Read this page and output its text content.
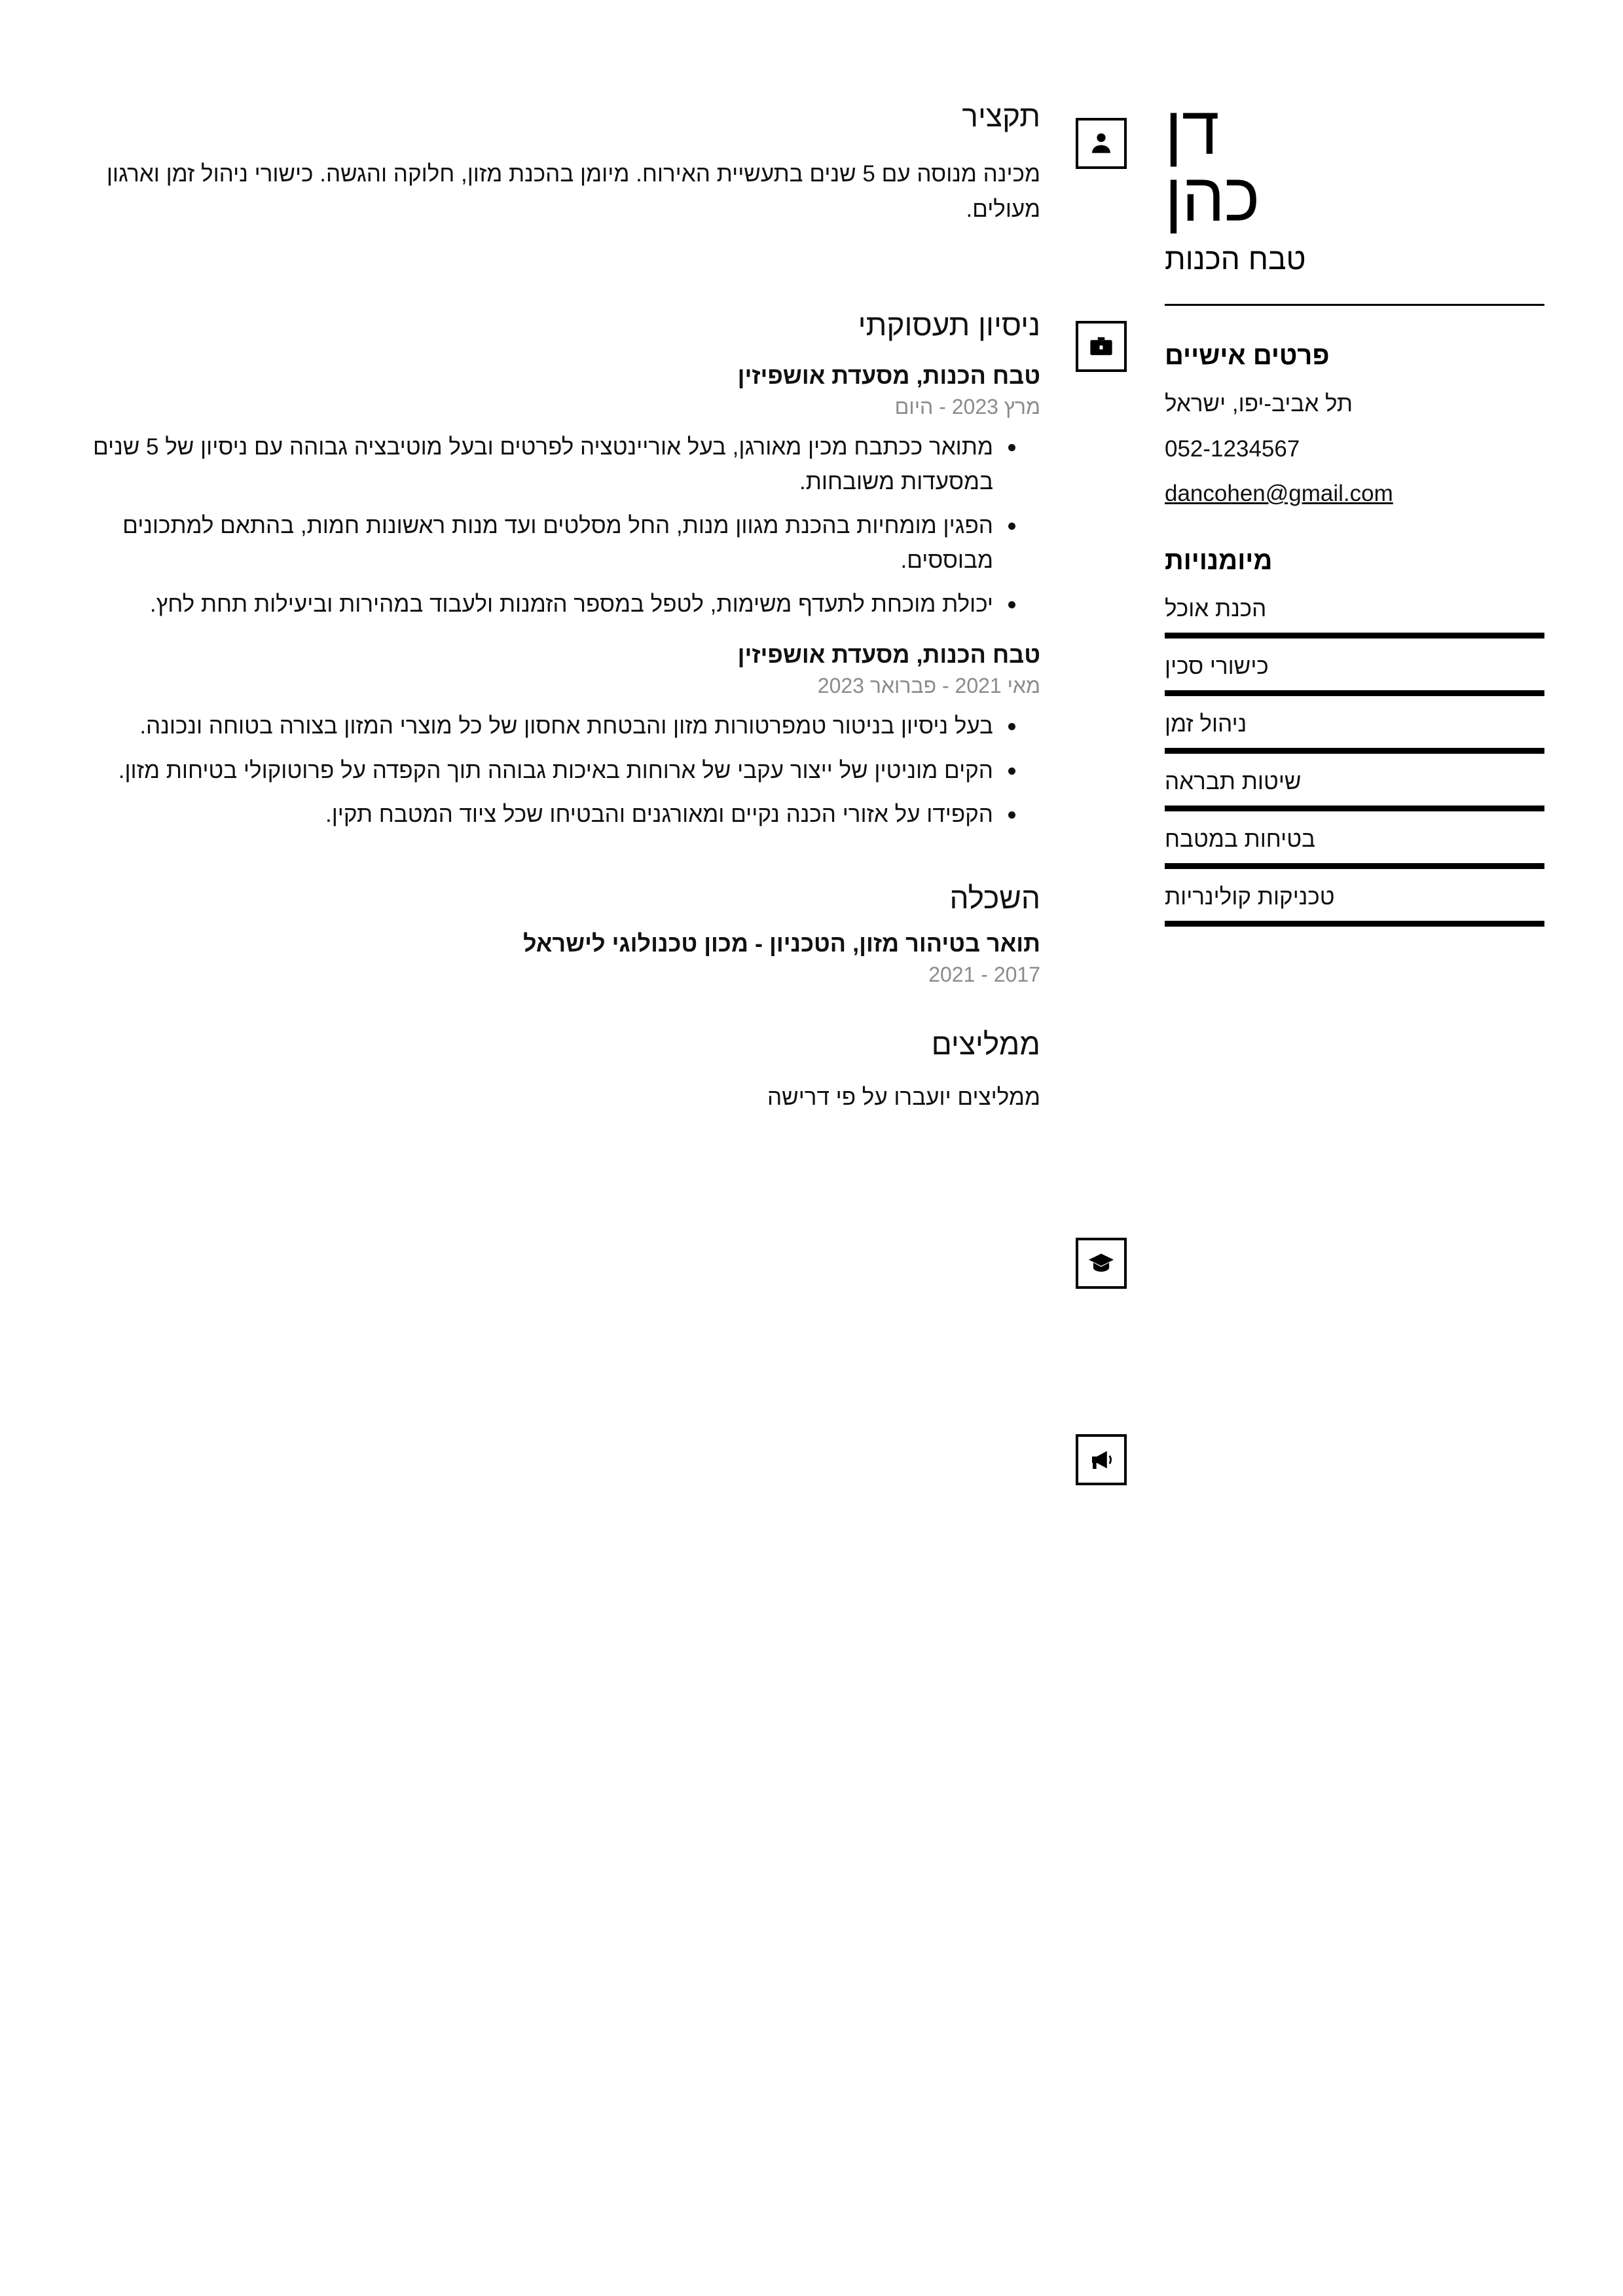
דן
כהן
טבח הכנות
פרטים אישיים
תל אביב-יפו, ישראל
052-1234567
dancohen@gmail.com
מיומנויות
הכנת אוכל
כישורי סכין
ניהול זמן
שיטות תבראה
בטיחות במטבח
טכניקות קולינריות
תקציר

מכינה מנוסה עם 5 שנים בתעשיית האירוח. מיומן בהכנת מזון, חלוקה והגשה. כישורי ניהול זמן וארגון מעולים.

ניסיון תעסוקתי
טבח הכנות, מסעדת אושפיזין
מרץ 2023 - היום
מתואר ככתבח מכין מאורגן, בעל אוריינטציה לפרטים ובעל מוטיבציה גבוהה עם ניסיון של 5 שנים במסעדות משובחות.
הפגין מומחיות בהכנת מגוון מנות, החל מסלטים ועד מנות ראשונות חמות, בהתאם למתכונים מבוססים.
יכולת מוכחת לתעדף משימות, לטפל במספר הזמנות ולעבוד במהירות וביעילות תחת לחץ.
טבח הכנות, מסעדת אושפיזין
מאי 2021 - פברואר 2023
בעל ניסיון בניטור טמפרטורות מזון והבטחת אחסון של כל מוצרי המזון בצורה בטוחה ונכונה.
הקים מוניטין של ייצור עקבי של ארוחות באיכות גבוהה תוך הקפדה על פרוטוקולי בטיחות מזון.
הקפידו על אזורי הכנה נקיים ומאורגנים והבטיחו שכל ציוד המטבח תקין.
השכלה
תואר בטיהור מזון, הטכניון - מכון טכנולוגי לישראל
2017 - 2021
ממליצים

ממליצים יועברו על פי דרישה
